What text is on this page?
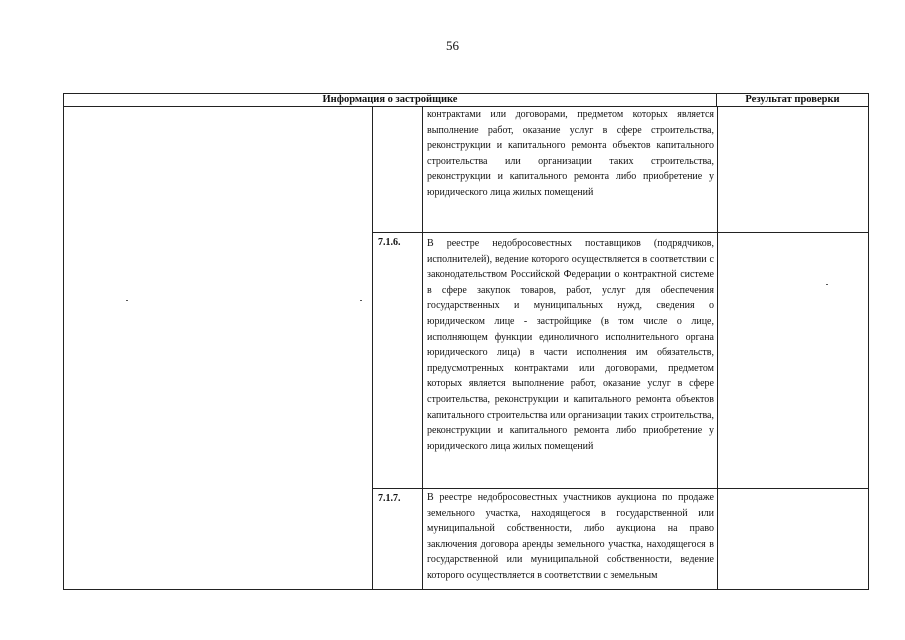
56
Информация о застройщике	Результат проверки
контрактами или договорами, предметом которых является выполнение работ, оказание услуг в сфере строительства, реконструкции и капитального ремонта объектов капитального строительства или организации таких строительства, реконструкции и капитального ремонта либо приобретение у юридического лица жилых помещений
7.1.6.	В реестре недобросовестных поставщиков (подрядчиков, исполнителей), ведение которого осуществляется в соответствии с законодательством Российской Федерации о контрактной системе в сфере закупок товаров, работ, услуг для обеспечения государственных и муниципальных нужд, сведения о юридическом лице - застройщике (в том числе о лице, исполняющем функции единоличного исполнительного органа юридического лица) в части исполнения им обязательств, предусмотренных контрактами или договорами, предметом которых является выполнение работ, оказание услуг в сфере строительства, реконструкции и капитального ремонта объектов капитального строительства или организации таких строительства, реконструкции и капитального ремонта либо приобретение у юридического лица жилых помещений
7.1.7.	В реестре недобросовестных участников аукциона по продаже земельного участка, находящегося в государственной или муниципальной собственности, либо аукциона на право заключения договора аренды земельного участка, находящегося в государственной или муниципальной собственности, ведение которого осуществляется в соответствии с земельным
